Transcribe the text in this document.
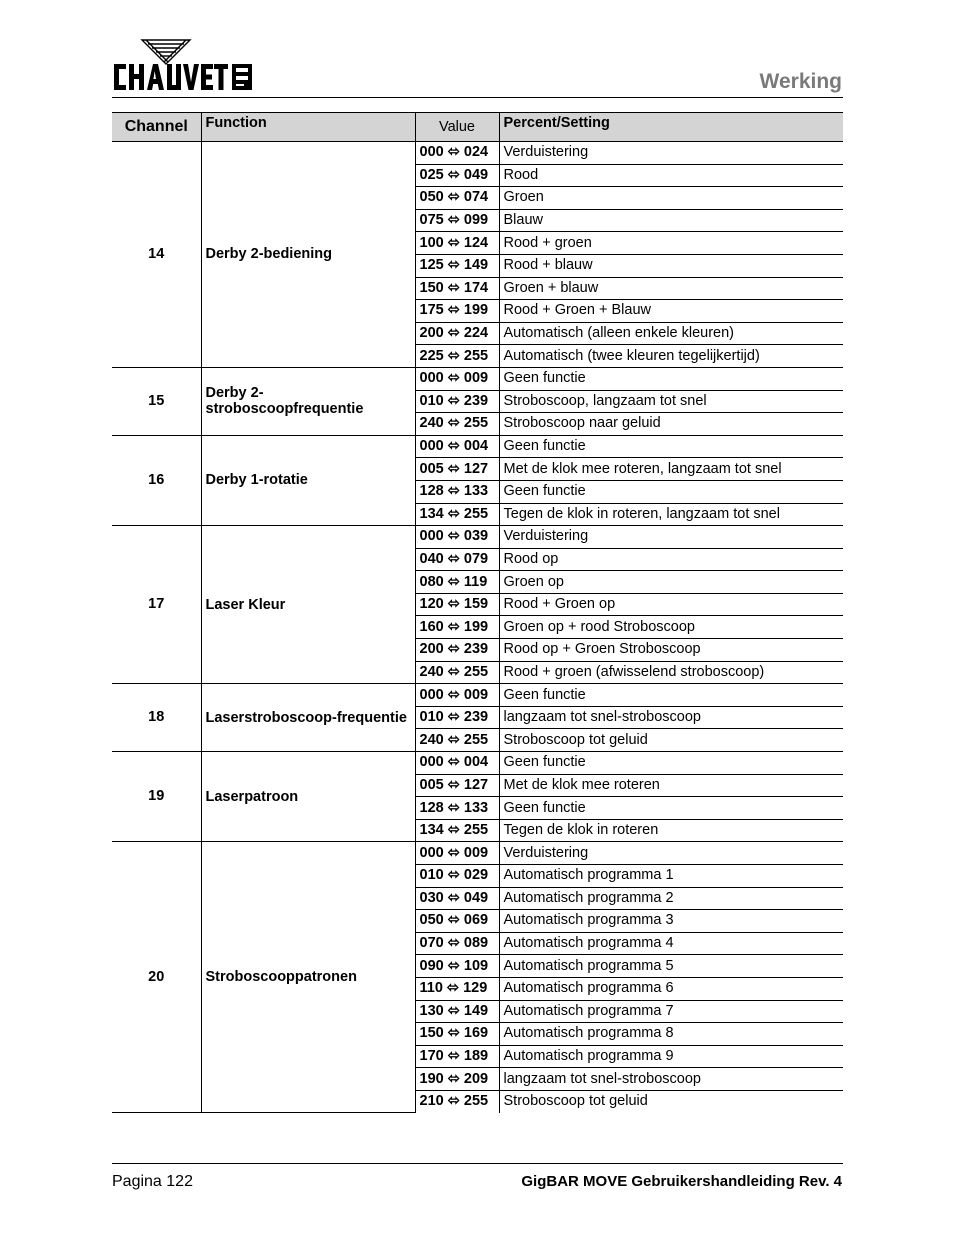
Werking
Channel	Function	Value	Percent/Setting
14	Derby 2-bediening	000 ⬄ 024	Verduistering
		025 ⬄ 049	Rood
		050 ⬄ 074	Groen
		075 ⬄ 099	Blauw
		100 ⬄ 124	Rood + groen
		125 ⬄ 149	Rood + blauw
		150 ⬄ 174	Groen + blauw
		175 ⬄ 199	Rood + Groen + Blauw
		200 ⬄ 224	Automatisch (alleen enkele kleuren)
		225 ⬄ 255	Automatisch (twee kleuren tegelijkertijd)
15	Derby 2-stroboscoopfrequentie	000 ⬄ 009	Geen functie
		010 ⬄ 239	Stroboscoop, langzaam tot snel
		240 ⬄ 255	Stroboscoop naar geluid
16	Derby 1-rotatie	000 ⬄ 004	Geen functie
		005 ⬄ 127	Met de klok mee roteren, langzaam tot snel
		128 ⬄ 133	Geen functie
		134 ⬄ 255	Tegen de klok in roteren, langzaam tot snel
17	Laser Kleur	000 ⬄ 039	Verduistering
		040 ⬄ 079	Rood op
		080 ⬄ 119	Groen op
		120 ⬄ 159	Rood + Groen op
		160 ⬄ 199	Groen op + rood Stroboscoop
		200 ⬄ 239	Rood op + Groen Stroboscoop
		240 ⬄ 255	Rood + groen (afwisselend stroboscoop)
18	Laserstroboscoop-frequentie	000 ⬄ 009	Geen functie
		010 ⬄ 239	langzaam tot snel-stroboscoop
		240 ⬄ 255	Stroboscoop tot geluid
19	Laserpatroon	000 ⬄ 004	Geen functie
		005 ⬄ 127	Met de klok mee roteren
		128 ⬄ 133	Geen functie
		134 ⬄ 255	Tegen de klok in roteren
20	Stroboscooppatronen	000 ⬄ 009	Verduistering
		010 ⬄ 029	Automatisch programma 1
		030 ⬄ 049	Automatisch programma 2
		050 ⬄ 069	Automatisch programma 3
		070 ⬄ 089	Automatisch programma 4
		090 ⬄ 109	Automatisch programma 5
		110 ⬄ 129	Automatisch programma 6
		130 ⬄ 149	Automatisch programma 7
		150 ⬄ 169	Automatisch programma 8
		170 ⬄ 189	Automatisch programma 9
		190 ⬄ 209	langzaam tot snel-stroboscoop
		210 ⬄ 255	Stroboscoop tot geluid
Pagina 122	GigBAR MOVE Gebruikershandleiding Rev. 4
